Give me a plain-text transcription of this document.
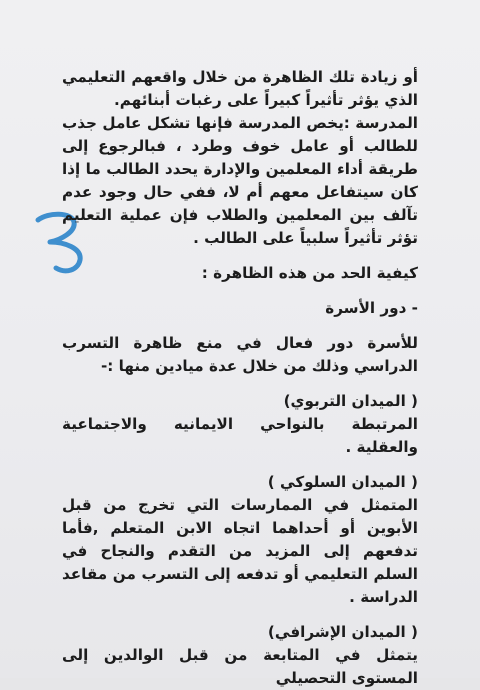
أو زيادة تلك الظاهرة من خلال واقعهم التعليمي الذي يؤثر تأثيراً كبيراً على رغبات أبنائهم.

المدرسة :يخص المدرسة فإنها تشكل عامل جذب للطالب أو عامل خوف وطرد ، فبالرجوع إلى طريقة أداء المعلمين والإدارة يحدد الطالب ما إذا كان سيتفاعل معهم أم لا، ففي حال وجود عدم تآلف بين المعلمين والطلاب فإن عملية التعليم تؤثر تأثيراً سلبياً على الطالب .

كيفية الحد من هذه الظاهرة :

- دور الأسرة

للأسرة دور فعال في منع ظاهرة التسرب الدراسي وذلك من خلال عدة ميادين منها :-

( الميدان التربوي)

المرتبطة بالنواحي الايمانيه والاجتماعية والعقلية .

( الميدان السلوكي )

المتمثل في الممارسات التي تخرج من قبل الأبوين أو أحداهما اتجاه الابن المتعلم ,فأما تدفعهم إلى المزيد من التقدم والنجاح في السلم التعليمي أو تدفعه إلى التسرب من مقاعد الدراسة .

( الميدان الإشرافي)

يتمثل في المتابعة من قبل الوالدين إلى المستوى التحصيلي
